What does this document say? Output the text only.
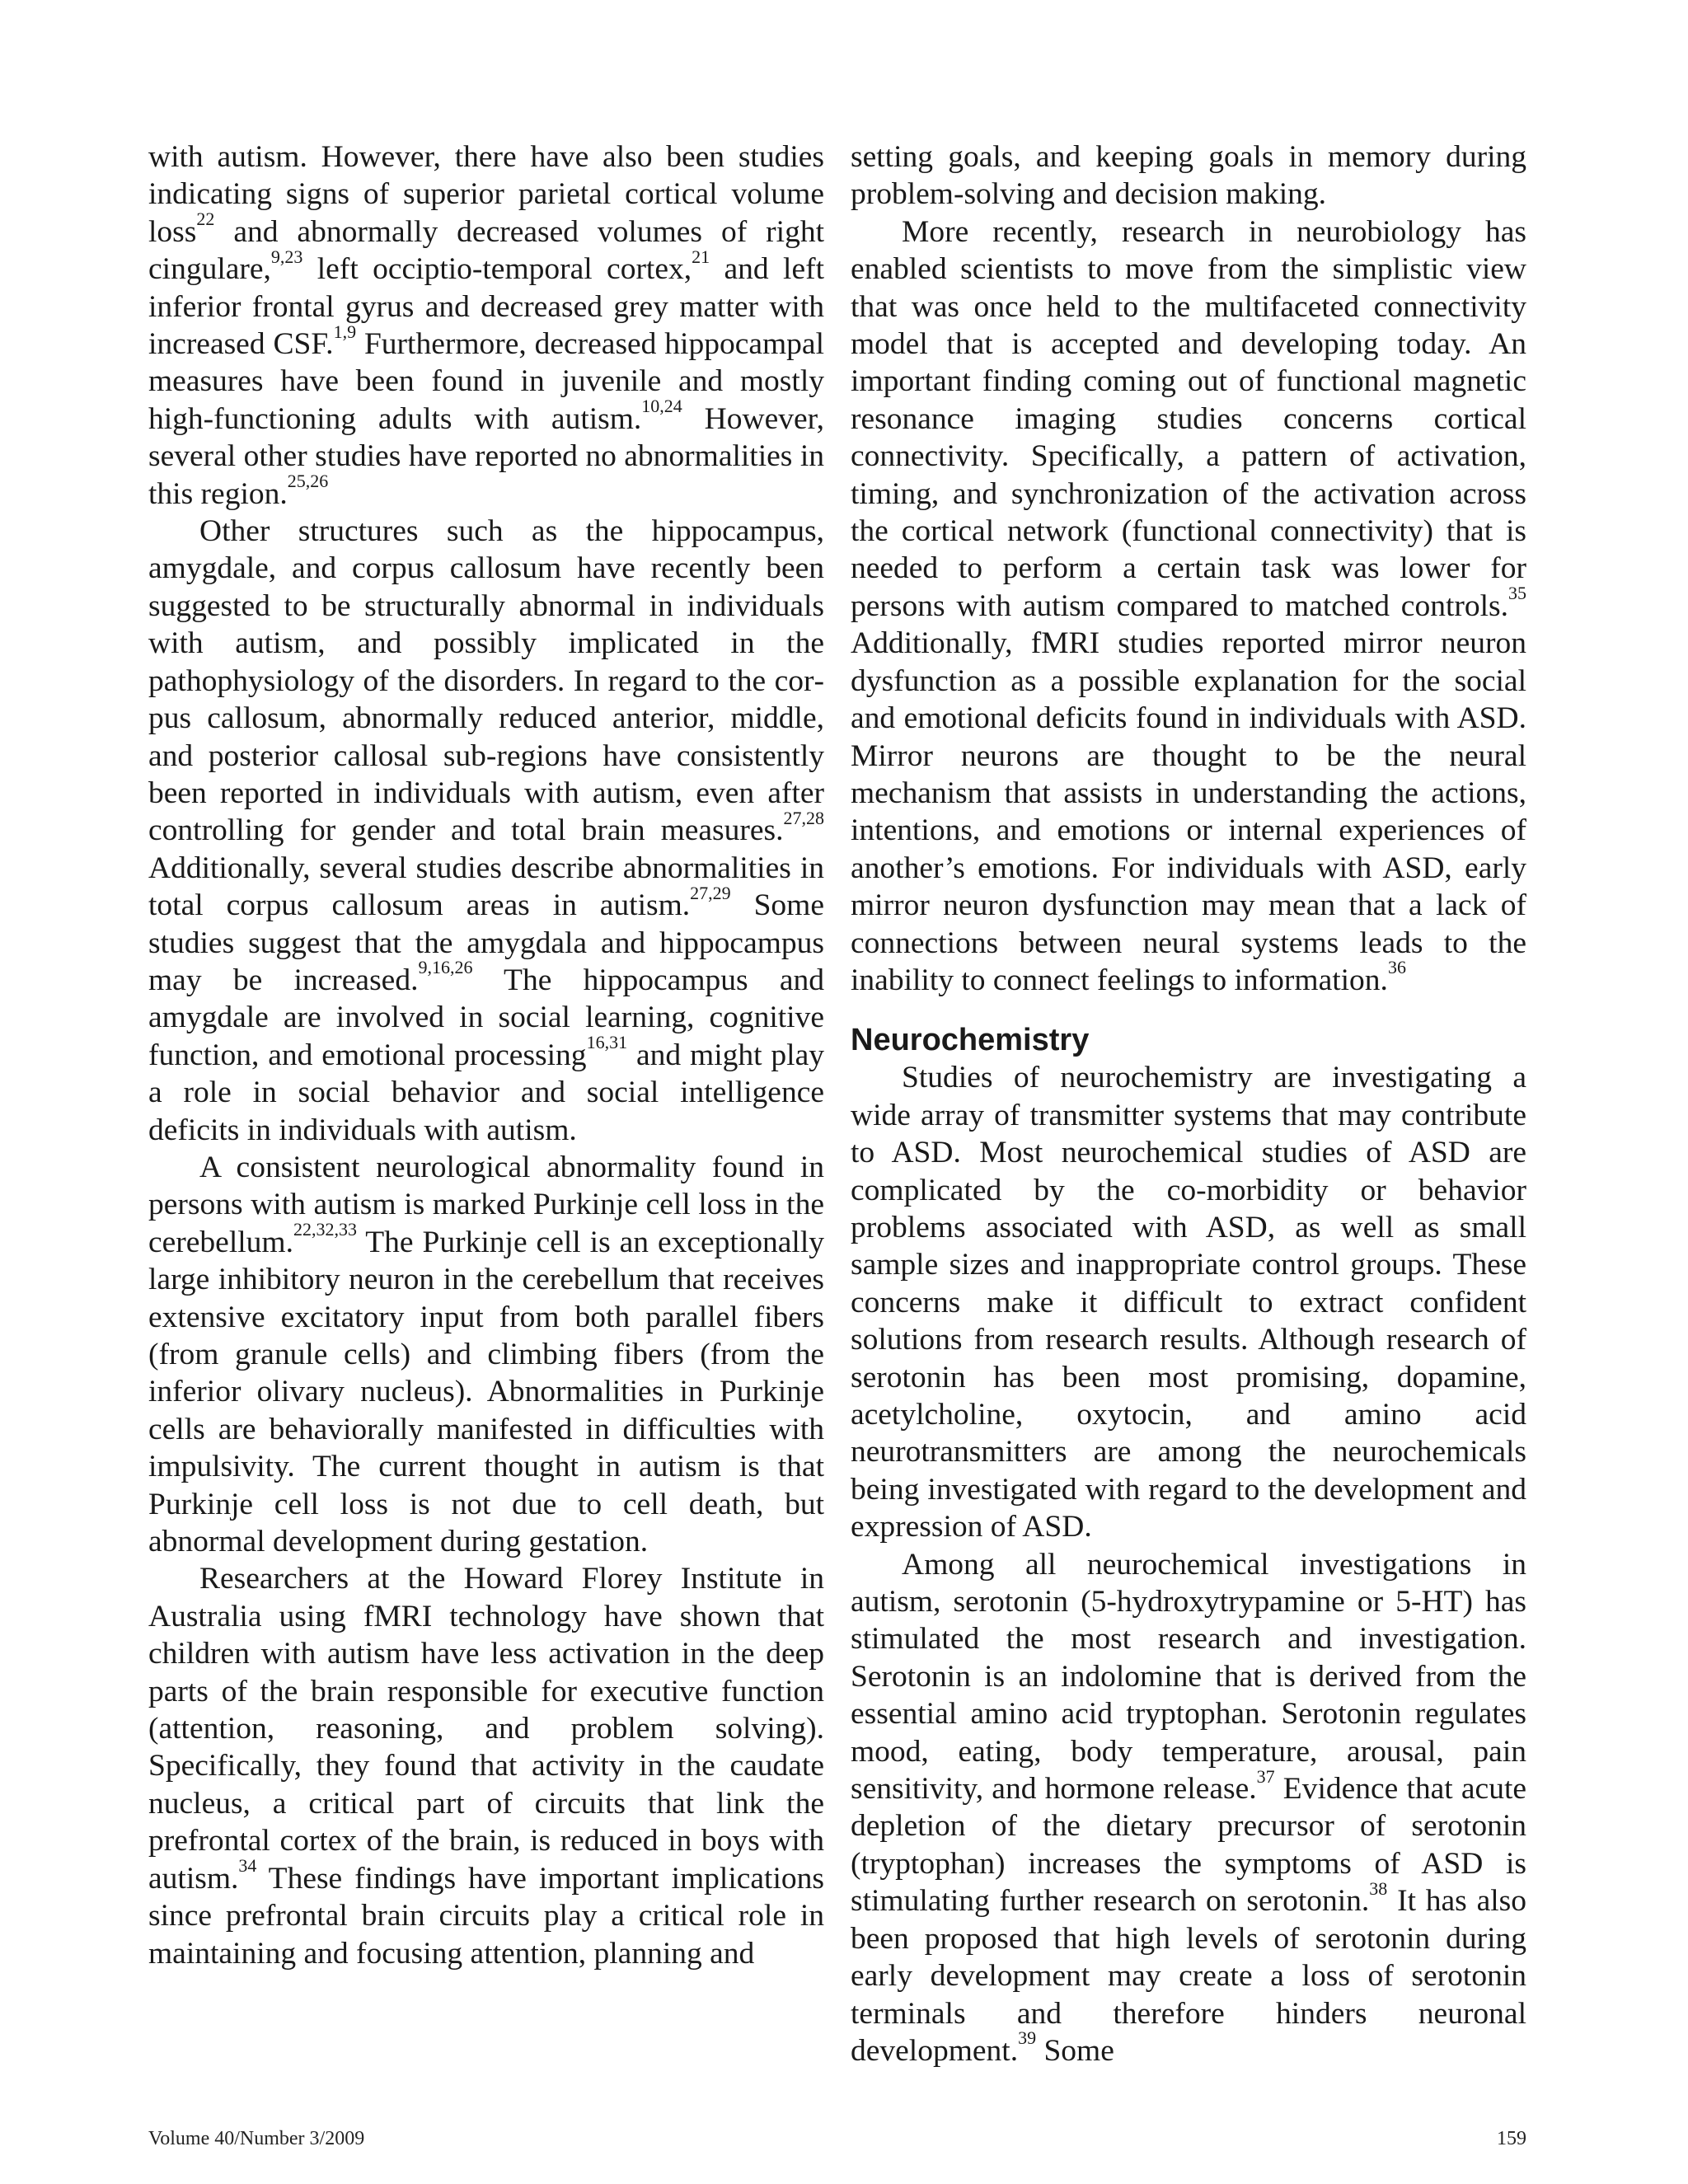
with autism. However, there have also been studies indicating signs of superior parietal cortical volume loss$^{22}$ and abnormally decreased volumes of right cingulare,$^{9,23}$ left occiptio-temporal cortex,$^{21}$ and left inferior frontal gyrus and decreased grey matter with increased CSF.$^{1,9}$ Furthermore, decreased hippocampal measures have been found in juvenile and mostly high-functioning adults with autism.$^{10,24}$ However, several other studies have reported no abnormalities in this region.$^{25,26}$

Other structures such as the hippocampus, amygdale, and corpus callosum have recently been suggested to be structurally abnormal in individuals with autism, and possibly implicated in the pathophysiology of the disorders. In regard to the corpus callosum, abnormally reduced anterior, middle, and posterior callosal sub-regions have consistently been reported in individuals with autism, even after controlling for gender and total brain measures.$^{27,28}$ Additionally, several studies describe abnormalities in total corpus callosum areas in autism.$^{27,29}$ Some studies suggest that the amygdala and hippocampus may be increased.$^{9,16,26}$ The hippocampus and amygdale are involved in social learning, cognitive function, and emotional processing$^{16,31}$ and might play a role in social behavior and social intelligence deficits in individuals with autism.

A consistent neurological abnormality found in persons with autism is marked Purkinje cell loss in the cerebellum.$^{22,32,33}$ The Purkinje cell is an exceptionally large inhibitory neuron in the cerebellum that receives extensive excitatory input from both parallel fibers (from granule cells) and climbing fibers (from the inferior olivary nucleus). Abnormalities in Purkinje cells are behaviorally manifested in difficulties with impulsivity. The current thought in autism is that Purkinje cell loss is not due to cell death, but abnormal development during gestation.

Researchers at the Howard Florey Institute in Australia using fMRI technology have shown that children with autism have less activation in the deep parts of the brain responsible for executive function (attention, reasoning, and problem solving). Specifically, they found that activity in the caudate nucleus, a critical part of circuits that link the prefrontal cortex of the brain, is reduced in boys with autism.$^{34}$ These findings have important implications since prefrontal brain circuits play a critical role in maintaining and focusing attention, planning and

setting goals, and keeping goals in memory during problem-solving and decision making.

More recently, research in neurobiology has enabled scientists to move from the simplistic view that was once held to the multifaceted connectivity model that is accepted and developing today. An important finding coming out of functional magnetic resonance imaging studies concerns cortical connectivity. Specifically, a pattern of activation, timing, and synchronization of the activation across the cortical network (functional connectivity) that is needed to perform a certain task was lower for persons with autism compared to matched controls.$^{35}$ Additionally, fMRI studies reported mirror neuron dysfunction as a possible explanation for the social and emotional deficits found in individuals with ASD. Mirror neurons are thought to be the neural mechanism that assists in understanding the actions, intentions, and emotions or internal experiences of another’s emotions. For individuals with ASD, early mirror neuron dysfunction may mean that a lack of connections between neural systems leads to the inability to connect feelings to information.$^{36}$

Neurochemistry

Studies of neurochemistry are investigating a wide array of transmitter systems that may contribute to ASD. Most neurochemical studies of ASD are complicated by the co-morbidity or behavior problems associated with ASD, as well as small sample sizes and inappropriate control groups. These concerns make it difficult to extract confident solutions from research results. Although research of serotonin has been most promising, dopamine, acetylcholine, oxytocin, and amino acid neurotransmitters are among the neurochemicals being investigated with regard to the development and expression of ASD.

Among all neurochemical investigations in autism, serotonin (5-hydroxytrypamine or 5-HT) has stimulated the most research and investigation. Serotonin is an indolomine that is derived from the essential amino acid tryptophan. Serotonin regulates mood, eating, body temperature, arousal, pain sensitivity, and hormone release.$^{37}$ Evidence that acute depletion of the dietary precursor of serotonin (tryptophan) increases the symptoms of ASD is stimulating further research on serotonin.$^{38}$ It has also been proposed that high levels of serotonin during early development may create a loss of serotonin terminals and therefore hinders neuronal development.$^{39}$ Some

Volume 40/Number 3/2009	159
